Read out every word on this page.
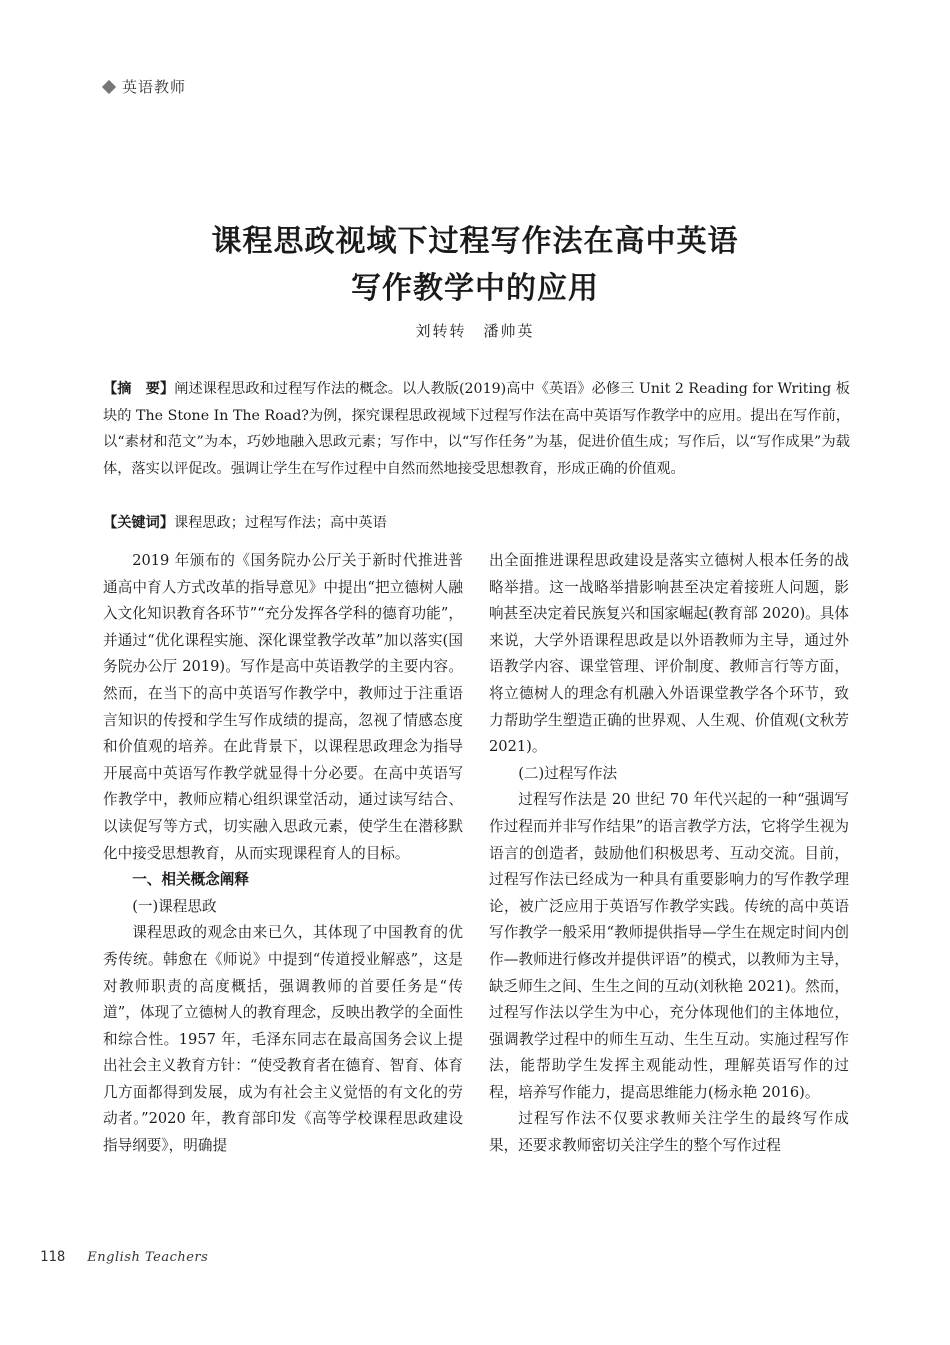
英语教师
课程思政视域下过程写作法在高中英语
写作教学中的应用
刘转转　潘帅英
【摘　要】阐述课程思政和过程写作法的概念。以人教版(2019)高中《英语》必修三 Unit 2 Reading for Writing 板块的 The Stone In The Road?为例，探究课程思政视域下过程写作法在高中英语写作教学中的应用。提出在写作前，以“素材和范文”为本，巧妙地融入思政元素；写作中，以“写作任务”为基，促进价值生成；写作后，以“写作成果”为载体，落实以评促改。强调让学生在写作过程中自然而然地接受思想教育，形成正确的价值观。
【关键词】课程思政；过程写作法；高中英语

2019 年颁布的《国务院办公厅关于新时代推进普通高中育人方式改革的指导意见》中提出“把立德树人融入文化知识教育各环节”“充分发挥各学科的德育功能”，并通过“优化课程实施、深化课堂教学改革”加以落实(国务院办公厅 2019)。写作是高中英语教学的主要内容。然而，在当下的高中英语写作教学中，教师过于注重语言知识的传授和学生写作成绩的提高，忽视了情感态度和价值观的培养。在此背景下，以课程思政理念为指导开展高中英语写作教学就显得十分必要。在高中英语写作教学中，教师应精心组织课堂活动，通过读写结合、以读促写等方式，切实融入思政元素，使学生在潜移默化中接受思想教育，从而实现课程育人的目标。

一、相关概念阐释

(一)课程思政

课程思政的观念由来已久，其体现了中国教育的优秀传统。韩愈在《师说》中提到“传道授业解惑”，这是对教师职责的高度概括，强调教师的首要任务是“传道”，体现了立德树人的教育理念，反映出教学的全面性和综合性。1957 年，毛泽东同志在最高国务会议上提出社会主义教育方针：“使受教育者在德育、智育、体育几方面都得到发展，成为有社会主义觉悟的有文化的劳动者。”2020 年，教育部印发《高等学校课程思政建设指导纲要》，明确提

出全面推进课程思政建设是落实立德树人根本任务的战略举措。这一战略举措影响甚至决定着接班人问题，影响甚至决定着民族复兴和国家崛起(教育部 2020)。具体来说，大学外语课程思政是以外语教师为主导，通过外语教学内容、课堂管理、评价制度、教师言行等方面，将立德树人的理念有机融入外语课堂教学各个环节，致力帮助学生塑造正确的世界观、人生观、价值观(文秋芳 2021)。

(二)过程写作法

过程写作法是 20 世纪 70 年代兴起的一种“强调写作过程而并非写作结果”的语言教学方法，它将学生视为语言的创造者，鼓励他们积极思考、互动交流。目前，过程写作法已经成为一种具有重要影响力的写作教学理论，被广泛应用于英语写作教学实践。传统的高中英语写作教学一般采用“教师提供指导—学生在规定时间内创作—教师进行修改并提供评语”的模式，以教师为主导，缺乏师生之间、生生之间的互动(刘秋艳 2021)。然而，过程写作法以学生为中心，充分体现他们的主体地位，强调教学过程中的师生互动、生生互动。实施过程写作法，能帮助学生发挥主观能动性，理解英语写作的过程，培养写作能力，提高思维能力(杨永艳 2016)。

过程写作法不仅要求教师关注学生的最终写作成果，还要求教师密切关注学生的整个写作过程

118 English Teachers
